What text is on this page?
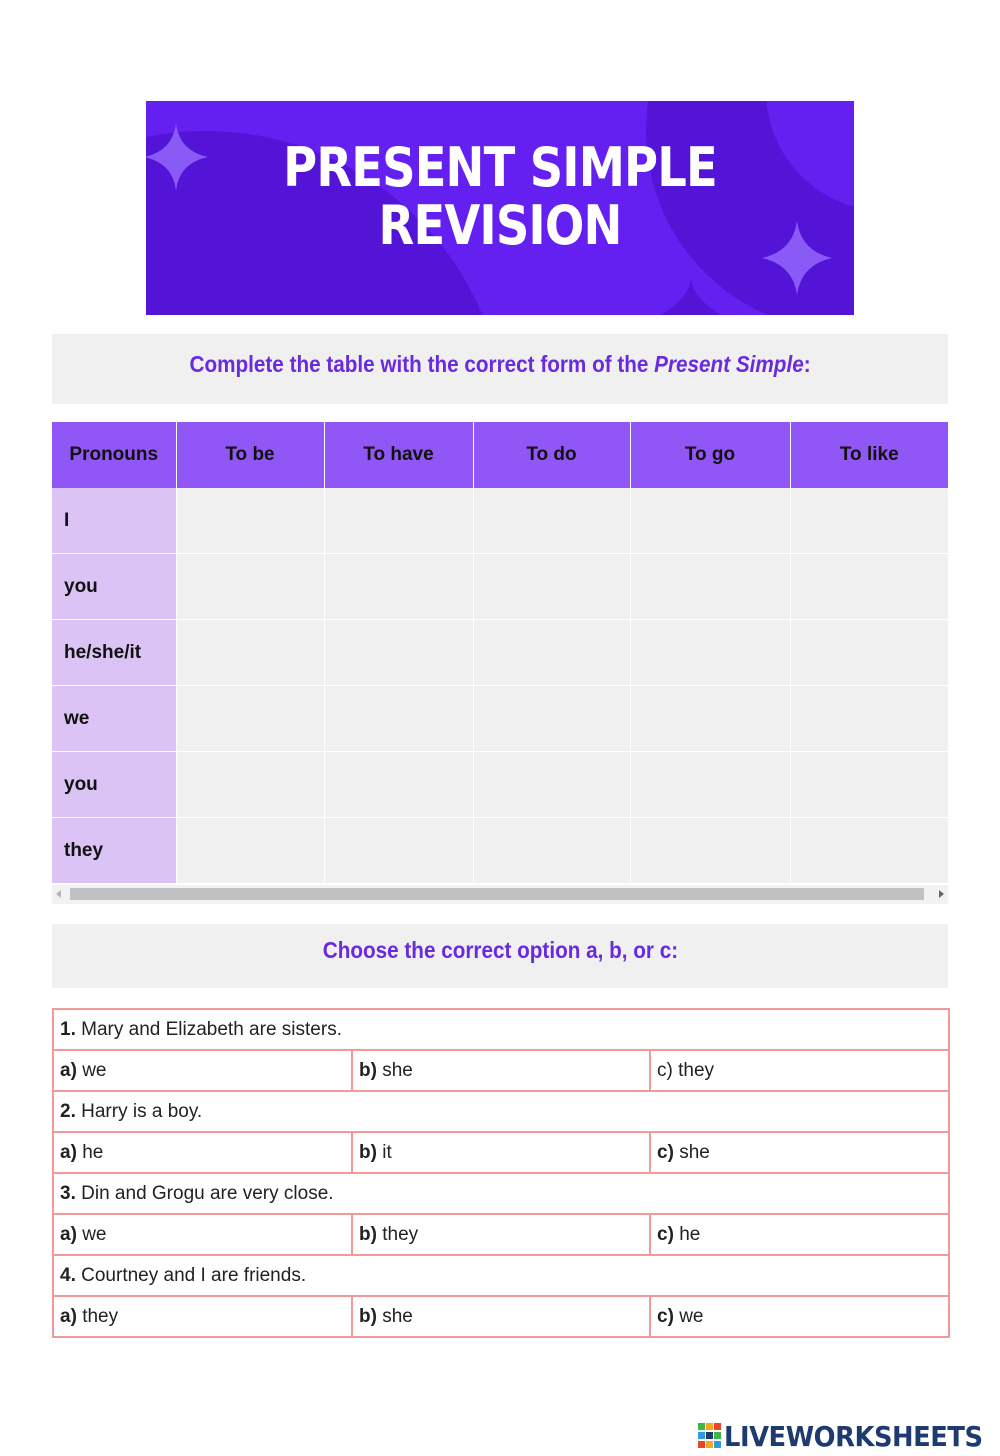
PRESENT SIMPLE
REVISION
Complete the table with the correct form of the Present Simple:
Pronouns	To be	To have	To do	To go	To like
I					
you					
he/she/it					
we					
you					
they					
Choose the correct option a, b, or c:
1. Mary and Elizabeth are sisters.		
a) we	b) she	c) they
2. Harry is a boy.		
a) he	b) it	c) she
3. Din and Grogu are very close.		
a) we	b) they	c) he
4. Courtney and I are friends.		
a) they	b) she	c) we
LIVEWORKSHEETS
